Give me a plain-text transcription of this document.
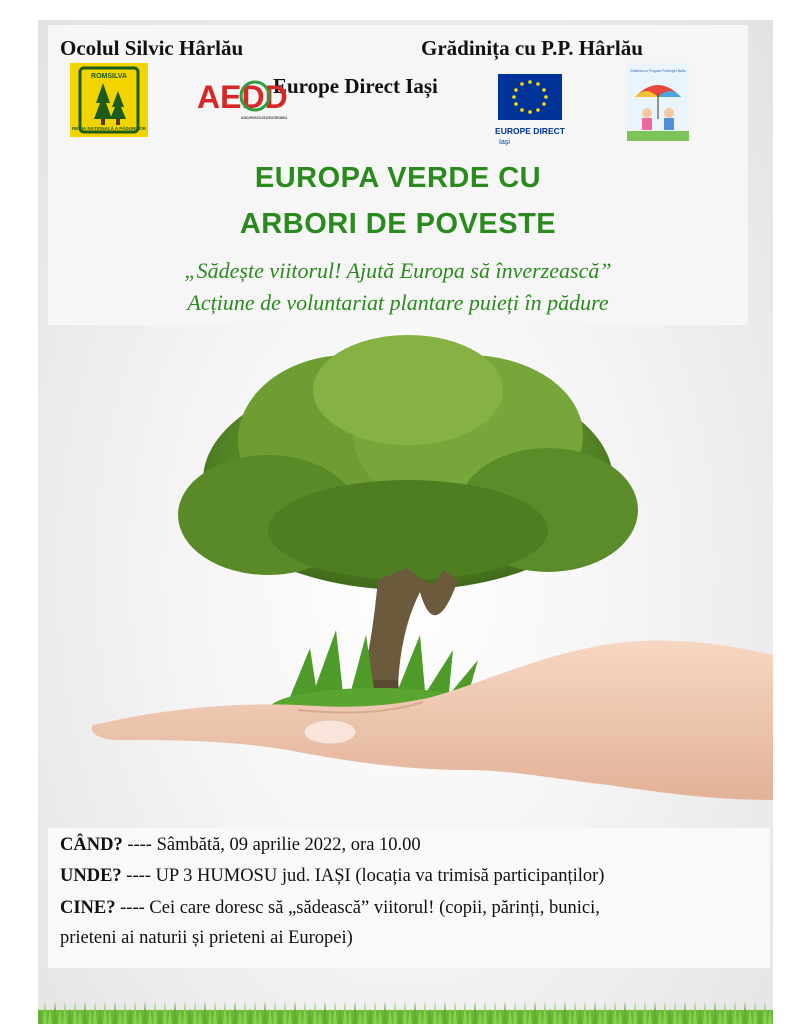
Ocolul Silvic Hârlău	Grădinița cu P.P. Hârlău
Europe Direct Iași
ROMSILVA
REGIA NAȚIONALĂ A PĂDURILOR
AEDD
ASOCIAȚIA PENTRU ECOLOGIE ȘI DEZVOLTARE DURABILĂ
EUROPE DIRECT
Iaşi
Grădinița cu Program Prelungit Hârlău
EUROPA VERDE CU
ARBORI DE POVESTE
„Sădește viitorul! Ajută Europa să înverzească”
Acțiune de voluntariat plantare puieți în pădure
CÂND? ---- Sâmbătă, 09 aprilie 2022, ora 10.00
UNDE? ---- UP 3 HUMOSU jud. IAȘI (locația va trimisă participanților)
CINE? ---- Cei care doresc să „sădească” viitorul! (copii, părinți, bunici,
prieteni ai naturii și prieteni ai Europei)
